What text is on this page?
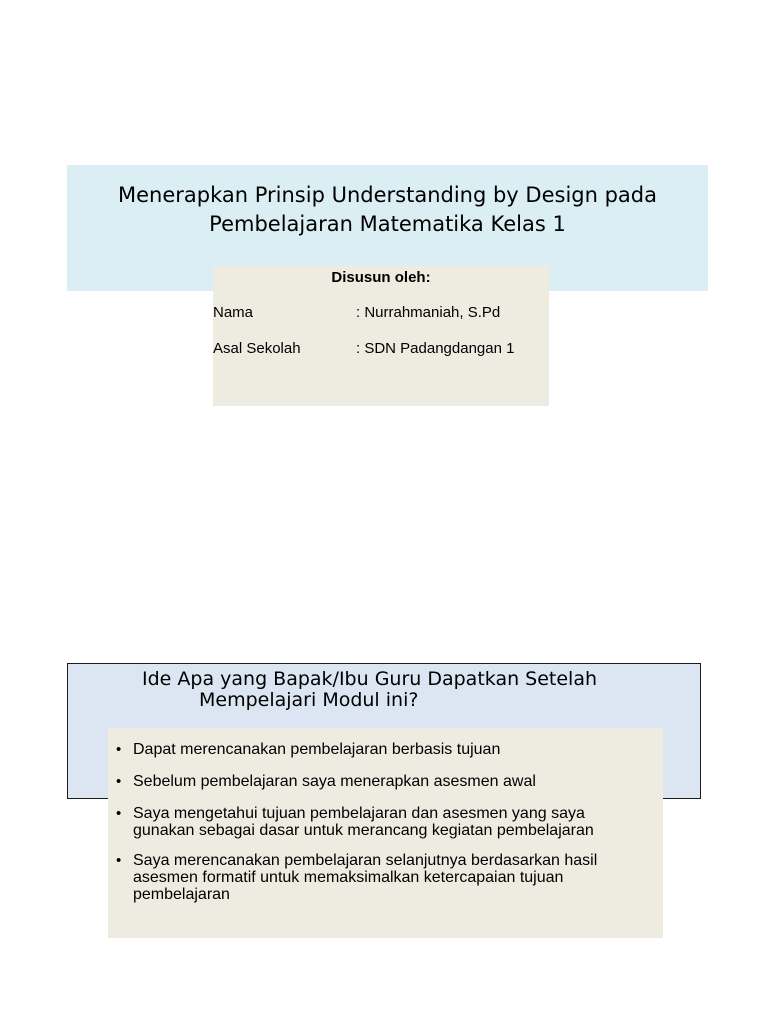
Menerapkan Prinsip Understanding by Design pada
Pembelajaran Matematika Kelas 1
Disusun oleh:
Nama	: Nurrahmaniah, S.Pd
Asal Sekolah	: SDN Padangdangan 1
Ide Apa yang Bapak/Ibu Guru Dapatkan Setelah
Mempelajari Modul ini?
• Dapat merencanakan pembelajaran berbasis tujuan
• Sebelum pembelajaran saya menerapkan asesmen awal
• Saya mengetahui tujuan pembelajaran dan asesmen yang saya
gunakan sebagai dasar untuk merancang kegiatan pembelajaran
• Saya merencanakan pembelajaran selanjutnya berdasarkan hasil
asesmen formatif untuk memaksimalkan ketercapaian tujuan
pembelajaran
